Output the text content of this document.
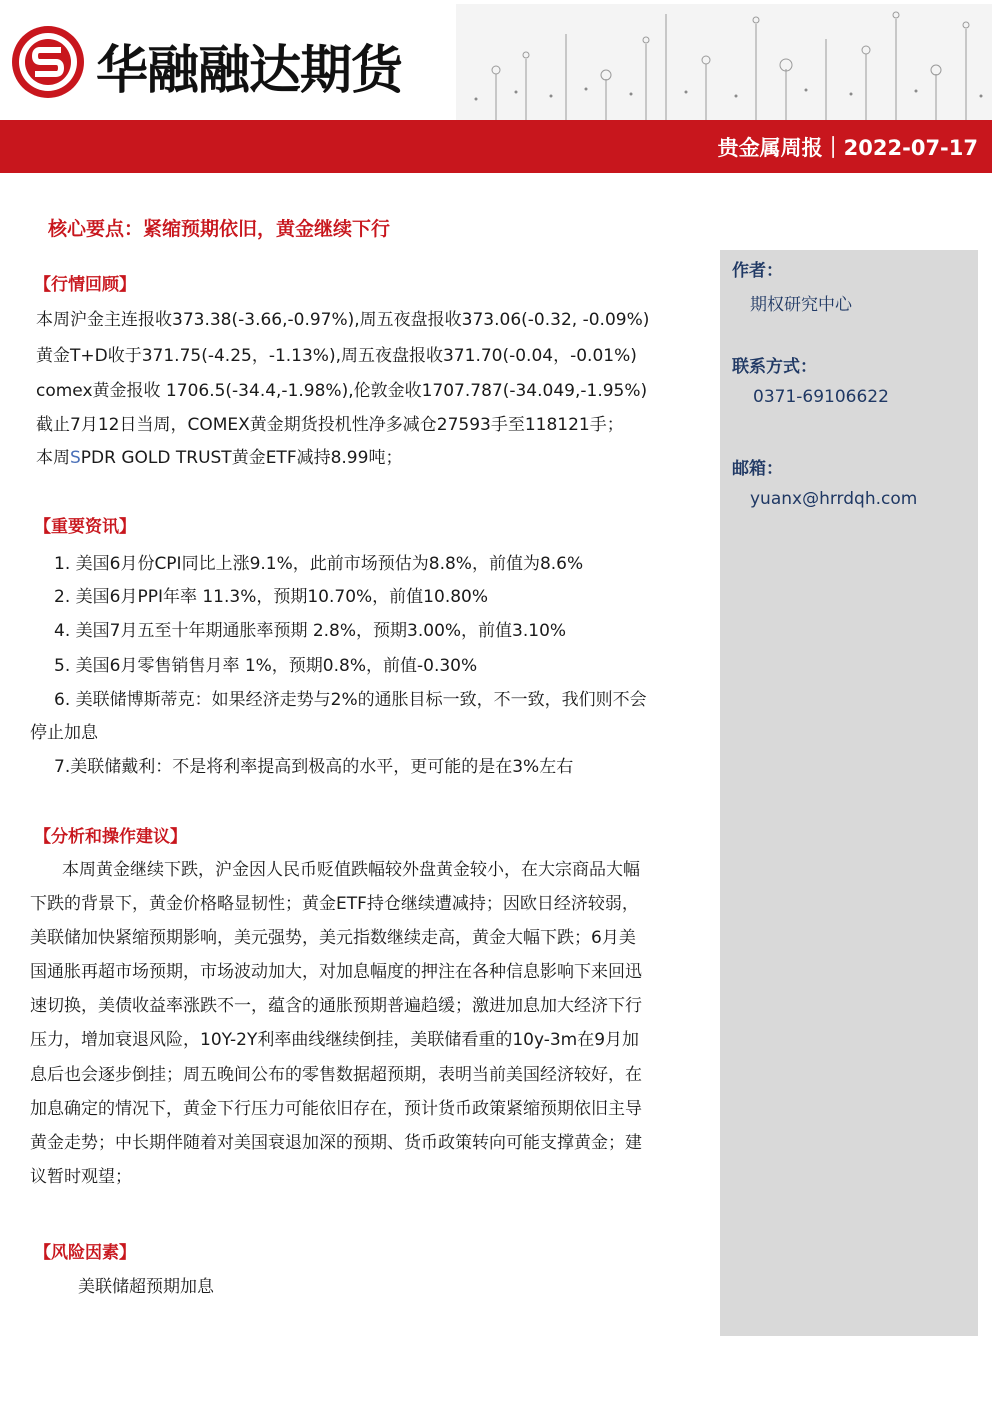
华融融达期货
贵金属周报｜2022-07-17
核心要点：紧缩预期依旧，黄金继续下行
作者：
期权研究中心
联系方式：
0371-69106622
邮箱：
yuanx@hrrdqh.com
【行情回顾】
本周沪金主连报收373.38(-3.66,-0.97%),周五夜盘报收373.06(-0.32, -0.09%)
黄金T+D收于371.75(-4.25，-1.13%),周五夜盘报收371.70(-0.04，-0.01%)
comex黄金报收 1706.5(-34.4,-1.98%),伦敦金收1707.787(-34.049,-1.95%)
截止7月12日当周，COMEX黄金期货投机性净多减仓27593手至118121手；
本周SPDR GOLD TRUST黄金ETF减持8.99吨；
【重要资讯】
1. 美国6月份CPI同比上涨9.1%，此前市场预估为8.8%，前值为8.6%
2. 美国6月PPI年率 11.3%，预期10.70%，前值10.80%
4. 美国7月五至十年期通胀率预期 2.8%，预期3.00%，前值3.10%
5. 美国6月零售销售月率 1%，预期0.8%，前值-0.30%
6. 美联储博斯蒂克：如果经济走势与2%的通胀目标一致，不一致，我们则不会
停止加息
7.美联储戴利：不是将利率提高到极高的水平，更可能的是在3%左右
【分析和操作建议】
本周黄金继续下跌，沪金因人民币贬值跌幅较外盘黄金较小，在大宗商品大幅
下跌的背景下，黄金价格略显韧性；黄金ETF持仓继续遭减持；因欧日经济较弱，
美联储加快紧缩预期影响，美元强势，美元指数继续走高，黄金大幅下跌；6月美
国通胀再超市场预期，市场波动加大，对加息幅度的押注在各种信息影响下来回迅
速切换，美债收益率涨跌不一，蕴含的通胀预期普遍趋缓；激进加息加大经济下行
压力，增加衰退风险，10Y-2Y利率曲线继续倒挂，美联储看重的10y-3m在9月加
息后也会逐步倒挂；周五晚间公布的零售数据超预期，表明当前美国经济较好，在
加息确定的情况下，黄金下行压力可能依旧存在，预计货币政策紧缩预期依旧主导
黄金走势；中长期伴随着对美国衰退加深的预期、货币政策转向可能支撑黄金；建
议暂时观望；
【风险因素】
美联储超预期加息
